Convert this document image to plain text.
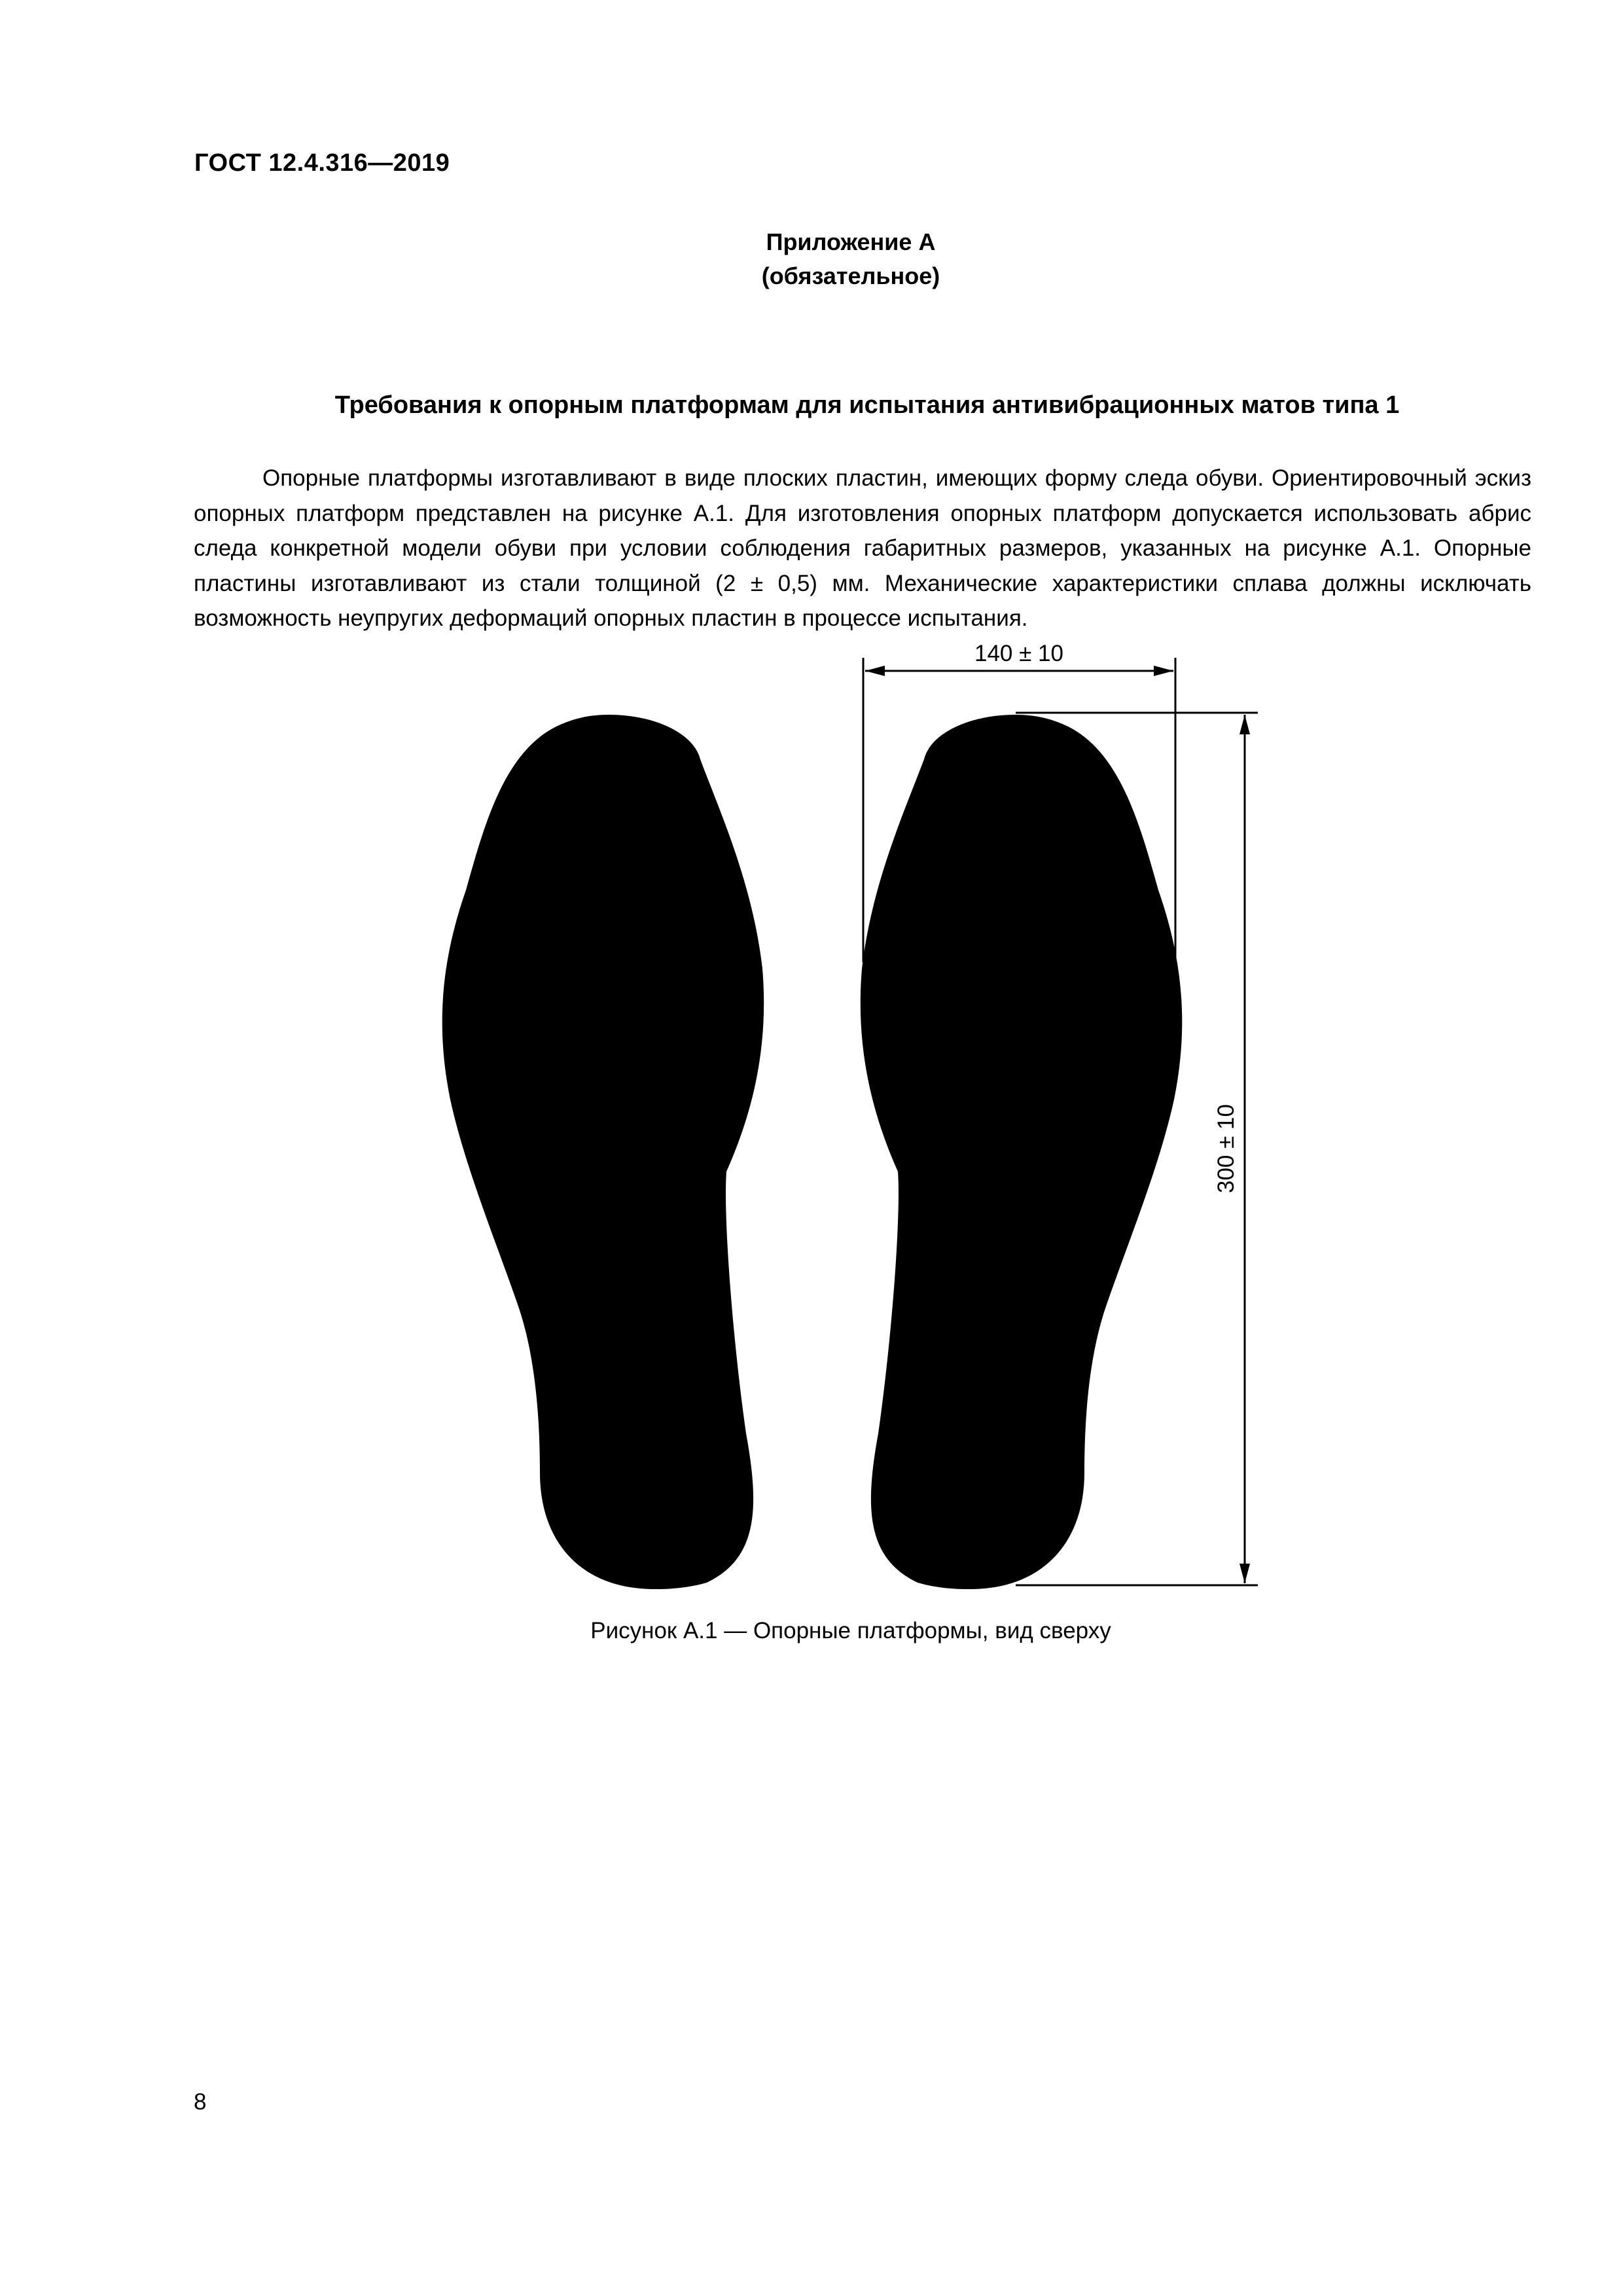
ГОСТ 12.4.316—2019
Приложение А
(обязательное)
Требования к опорным платформам для испытания антивибрационных матов типа 1
Опорные платформы изготавливают в виде плоских пластин, имеющих форму следа обуви. Ориентировочный эскиз опорных платформ представлен на рисунке А.1. Для изготовления опорных платформ допускается использовать абрис следа конкретной модели обуви при условии соблюдения габаритных размеров, указанных на рисунке А.1. Опорные пластины изготавливают из стали толщиной (2 ± 0,5) мм. Механические характеристики сплава должны исключать возможность неупругих деформаций опорных пластин в процессе испытания.
140 ± 10
300 ± 10
Рисунок А.1 — Опорные платформы, вид сверху
8
